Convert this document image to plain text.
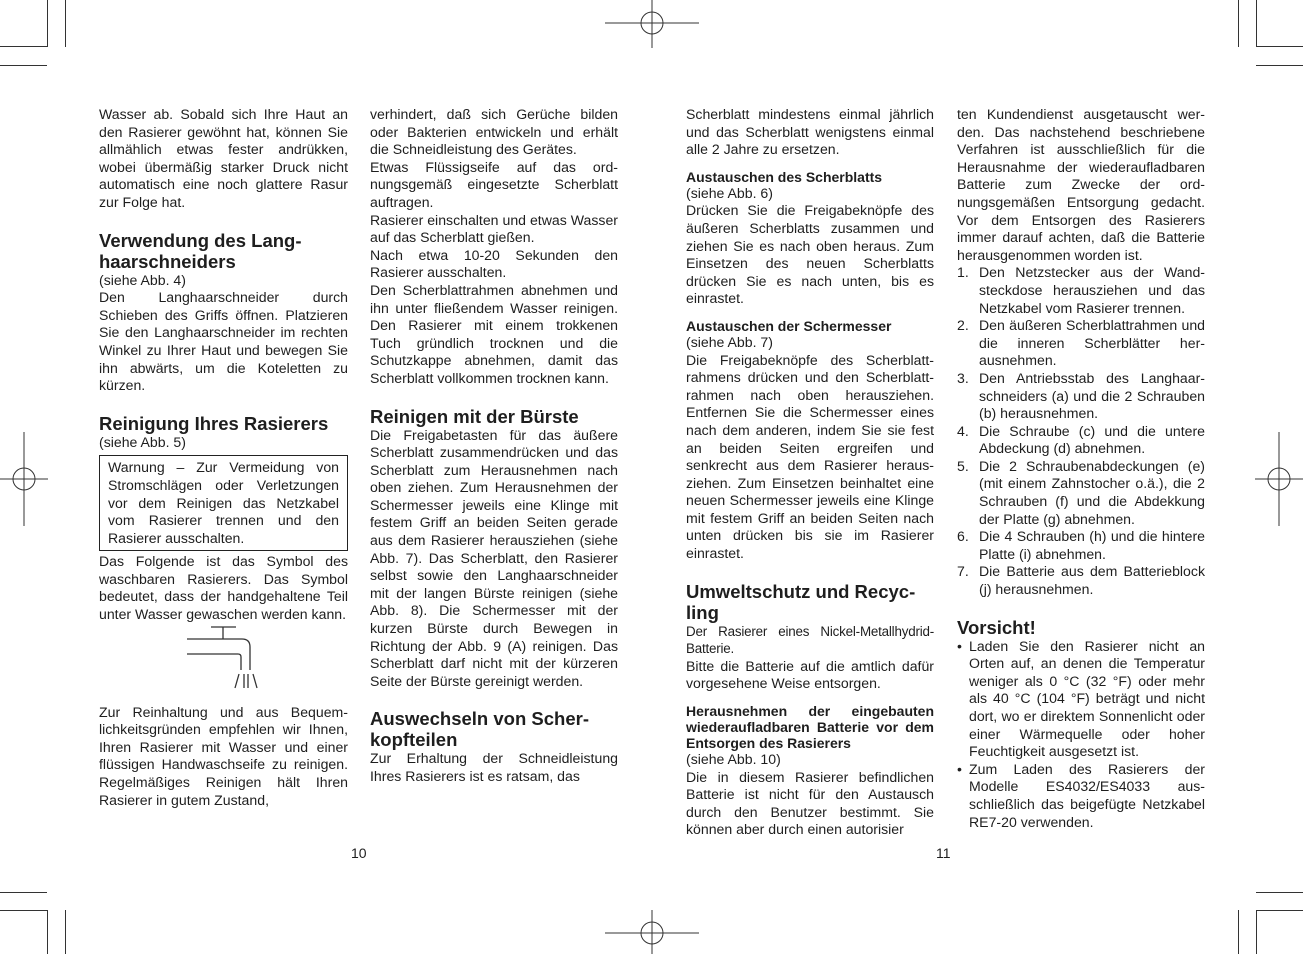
Wasser ab. Sobald sich Ihre Haut an den Rasierer gewöhnt hat, können Sie allmählich etwas fester andrükken, wobei übermäßig starker Druck nicht automatisch eine noch glattere Rasur zur Folge hat.

Verwendung des Langhaarschneiders

(siehe Abb. 4)

Den Langhaarschneider durch Schieben des Griffs öffnen. Platzieren Sie den Langhaarschneider im rechten Winkel zu Ihrer Haut und bewegen Sie ihn abwärts, um die Koteletten zu kürzen.

Reinigung Ihres Rasierers

(siehe Abb. 5)

Warnung – Zur Vermeidung von Stromschlägen oder Verletzungen vor dem Reinigen das Netzkabel vom Rasierer trennen und den Rasierer ausschalten.

Das Folgende ist das Symbol des waschbaren Rasierers. Das Symbol bedeutet, dass der handgehaltene Teil unter Wasser gewaschen werden kann.

Zur Reinhaltung und aus Bequemlichkeitsgründen empfehlen wir Ihnen, Ihren Rasierer mit Wasser und einer flüssigen Handwaschseife zu reinigen. Regelmäßiges Reinigen hält Ihren Rasierer in gutem Zustand,

verhindert, daß sich Gerüche bilden oder Bakterien entwickeln und erhält die Schneidleistung des Gerätes.

Etwas Flüssigseife auf das ordnungsgemäß eingesetzte Scherblatt auftragen.

Rasierer einschalten und etwas Wasser auf das Scherblatt gießen.

Nach etwa 10-20 Sekunden den Rasierer ausschalten.

Den Scherblattrahmen abnehmen und ihn unter fließendem Wasser reinigen. Den Rasierer mit einem trokkenen Tuch gründlich trocknen und die Schutzkappe abnehmen, damit das Scherblatt vollkommen trocknen kann.

Reinigen mit der Bürste

Die Freigabetasten für das äußere Scherblatt zusammendrücken und das Scherblatt zum Herausnehmen nach oben ziehen. Zum Herausnehmen der Schermesser jeweils eine Klinge mit festem Griff an beiden Seiten gerade aus dem Rasierer herausziehen (siehe Abb. 7). Das Scherblatt, den Rasierer selbst sowie den Langhaarschneider mit der langen Bürste reinigen (siehe Abb. 8). Die Schermesser mit der kurzen Bürste durch Bewegen in Richtung der Abb. 9 (A) reinigen. Das Scherblatt darf nicht mit der kürzeren Seite der Bürste gereinigt werden.

Auswechseln von Scherkopfteilen

Zur Erhaltung der Schneidleistung Ihres Rasierers ist es ratsam, das

Scherblatt mindestens einmal jährlich und das Scherblatt wenigstens einmal alle 2 Jahre zu ersetzen.

Austauschen des Scherblatts

(siehe Abb. 6)

Drücken Sie die Freigabeknöpfe des äußeren Scherblatts zusammen und ziehen Sie es nach oben heraus. Zum Einsetzen des neuen Scherblatts drücken Sie es nach unten, bis es einrastet.

Austauschen der Schermesser

(siehe Abb. 7)

Die Freigabeknöpfe des Scherblattrahmens drücken und den Scherblattrahmen nach oben herausziehen. Entfernen Sie die Schermesser eines nach dem anderen, indem Sie sie fest an beiden Seiten ergreifen und senkrecht aus dem Rasierer herausziehen. Zum Einsetzen beinhaltet eine neuen Schermesser jeweils eine Klinge mit festem Griff an beiden Seiten nach unten drücken bis sie im Rasierer einrastet.

Umweltschutz und Recycling

Der Rasierer eines Nickel-Metallhydrid-Batterie.

Bitte die Batterie auf die amtlich dafür vorgesehene Weise entsorgen.

Herausnehmen der eingebauten wiederaufladbaren Batterie vor dem Entsorgen des Rasierers

(siehe Abb. 10)

Die in diesem Rasierer befindlichen Batterie ist nicht für den Austausch durch den Benutzer bestimmt. Sie können aber durch einen autorisier

ten Kundendienst ausgetauscht werden. Das nachstehend beschriebene Verfahren ist ausschließlich für die Herausnahme der wiederaufladbaren Batterie zum Zwecke der ordnungsgemäßen Entsorgung gedacht. Vor dem Entsorgen des Rasierers immer darauf achten, daß die Batterie herausgenommen worden ist.

1. Den Netzstecker aus der Wandsteckdose herausziehen und das Netzkabel vom Rasierer trennen.
2. Den äußeren Scherblattrahmen und die inneren Scherblätter herausnehmen.
3. Den Antriebsstab des Langhaarschneiders (a) und die 2 Schrauben (b) herausnehmen.
4. Die Schraube (c) und die untere Abdeckung (d) abnehmen.
5. Die 2 Schraubenabdeckungen (e) (mit einem Zahnstocher o.ä.), die 2 Schrauben (f) und die Abdekkung der Platte (g) abnehmen.
6. Die 4 Schrauben (h) und die hintere Platte (i) abnehmen.
7. Die Batterie aus dem Batterieblock (j) herausnehmen.
Vorsicht!
• Laden Sie den Rasierer nicht an Orten auf, an denen die Temperatur weniger als 0 °C (32 °F) oder mehr als 40 °C (104 °F) beträgt und nicht dort, wo er direktem Sonnenlicht oder einer Wärmequelle oder hoher Feuchtigkeit ausgesetzt ist.
• Zum Laden des Rasierers der Modelle ES4032/ES4033 ausschließlich das beigefügte Netzkabel RE7-20 verwenden.
10	11
